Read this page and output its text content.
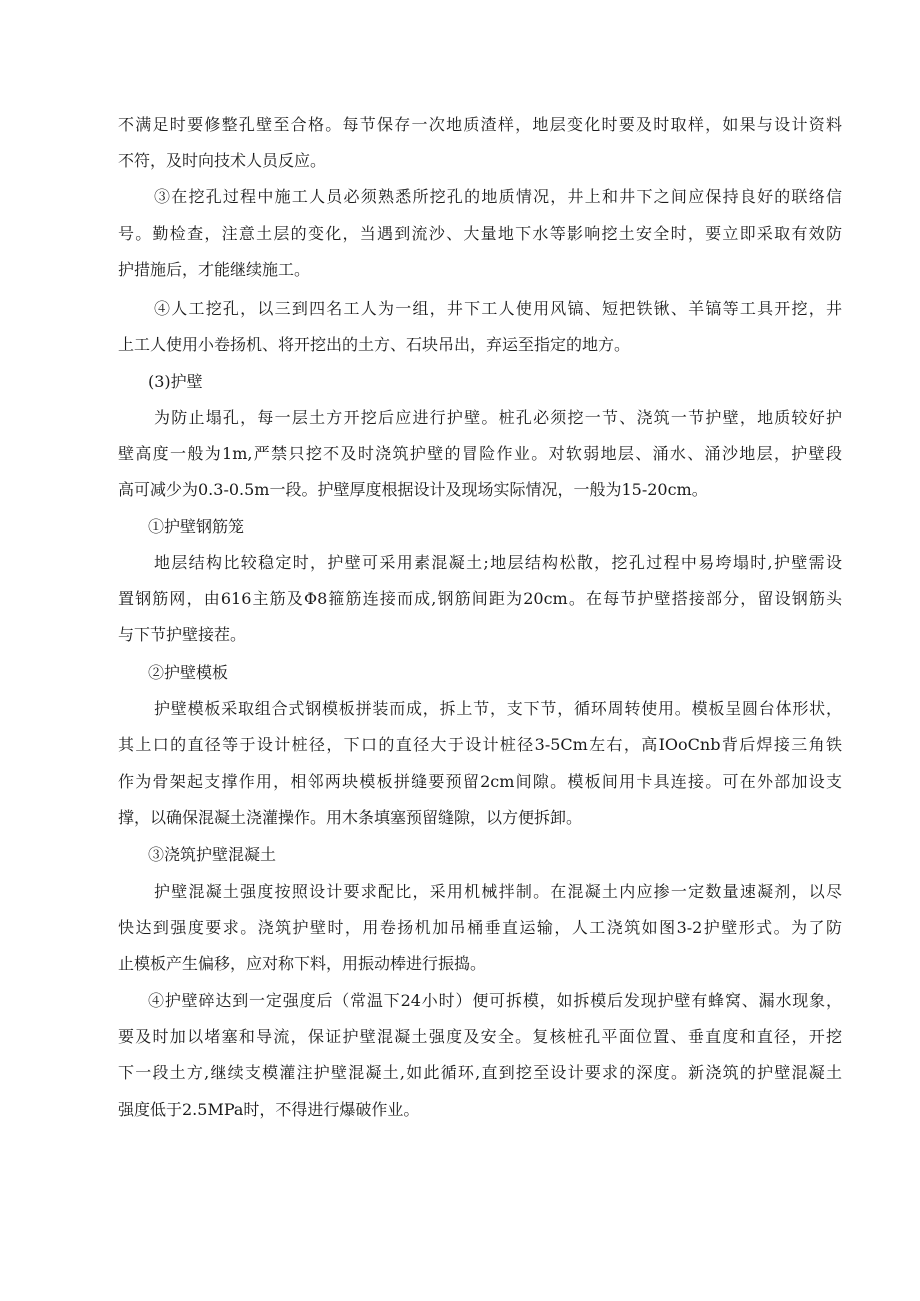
不满足时要修整孔壁至合格。每节保存一次地质渣样，地层变化时要及时取样，如果与设计资料
不符，及时向技术人员反应。
③在挖孔过程中施工人员必须熟悉所挖孔的地质情况，井上和井下之间应保持良好的联络信
号。勤检查，注意土层的变化，当遇到流沙、大量地下水等影响挖土安全时，要立即采取有效防
护措施后，才能继续施工。
④人工挖孔，以三到四名工人为一组，井下工人使用风镐、短把铁锹、羊镐等工具开挖，井
上工人使用小卷扬机、将开挖出的土方、石块吊出，弃运至指定的地方。
(3)护壁
为防止塌孔，每一层土方开挖后应进行护壁。桩孔必须挖一节、浇筑一节护壁，地质较好护
壁高度一般为1m,严禁只挖不及时浇筑护壁的冒险作业。对软弱地层、涌水、涌沙地层，护壁段
高可减少为0.3-0.5m一段。护壁厚度根据设计及现场实际情况，一般为15-20cm。
①护壁钢筋笼
地层结构比较稳定时，护壁可采用素混凝土;地层结构松散，挖孔过程中易垮塌时,护壁需设
置钢筋网，由616主筋及Φ8箍筋连接而成,钢筋间距为20cm。在每节护壁搭接部分，留设钢筋头
与下节护壁接茬。
②护壁模板
护壁模板采取组合式钢模板拼装而成，拆上节，支下节，循环周转使用。模板呈圆台体形状，
其上口的直径等于设计桩径，下口的直径大于设计桩径3-5Cm左右，高IOoCnb背后焊接三角铁
作为骨架起支撑作用，相邻两块模板拼缝要预留2cm间隙。模板间用卡具连接。可在外部加设支
撑，以确保混凝土浇灌操作。用木条填塞预留缝隙，以方便拆卸。
③浇筑护壁混凝土
护壁混凝土强度按照设计要求配比，采用机械拌制。在混凝土内应掺一定数量速凝剂，以尽
快达到强度要求。浇筑护壁时，用卷扬机加吊桶垂直运输，人工浇筑如图3-2护壁形式。为了防
止模板产生偏移，应对称下料，用振动棒进行振捣。
④护壁碎达到一定强度后（常温下24小时）便可拆模，如拆模后发现护壁有蜂窝、漏水现象，
要及时加以堵塞和导流，保证护壁混凝土强度及安全。复核桩孔平面位置、垂直度和直径，开挖
下一段土方,继续支模灌注护壁混凝土,如此循环,直到挖至设计要求的深度。新浇筑的护壁混凝土
强度低于2.5MPa时，不得进行爆破作业。
